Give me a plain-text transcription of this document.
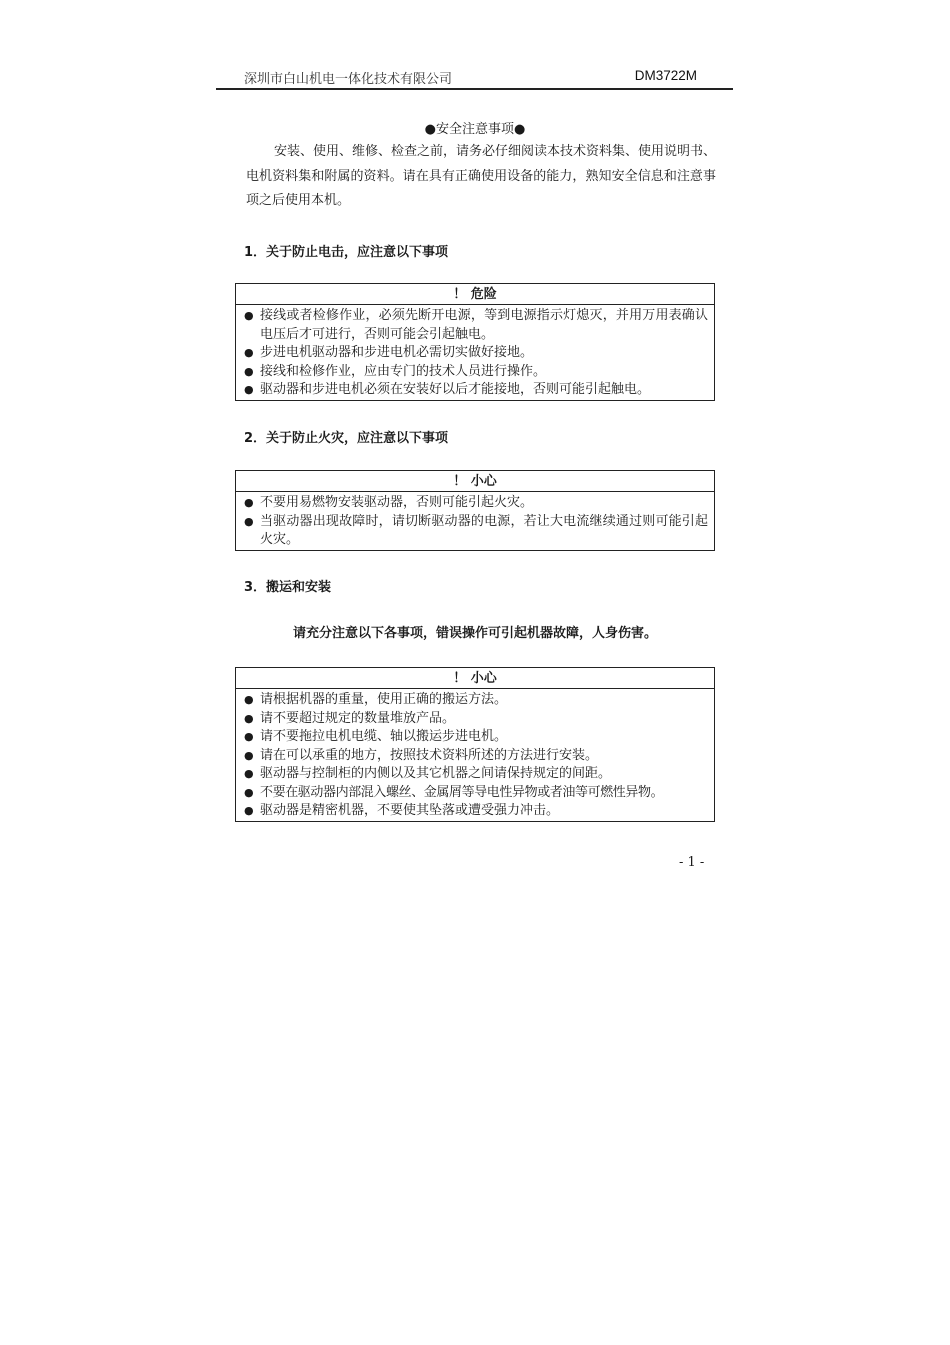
深圳市白山机电一体化技术有限公司	DM3722M
●安全注意事项●
安装、使用、维修、检查之前，请务必仔细阅读本技术资料集、使用说明书、电机资料集和附属的资料。请在具有正确使用设备的能力，熟知安全信息和注意事项之后使用本机。
1．关于防止电击，应注意以下事项
！ 危险
● 接线或者检修作业，必须先断开电源，等到电源指示灯熄灭，并用万用表确认电压后才可进行，否则可能会引起触电。
● 步进电机驱动器和步进电机必需切实做好接地。
● 接线和检修作业，应由专门的技术人员进行操作。
● 驱动器和步进电机必须在安装好以后才能接地，否则可能引起触电。
2．关于防止火灾，应注意以下事项
！ 小心
● 不要用易燃物安装驱动器，否则可能引起火灾。
● 当驱动器出现故障时，请切断驱动器的电源，若让大电流继续通过则可能引起火灾。
3．搬运和安装
请充分注意以下各事项，错误操作可引起机器故障，人身伤害。
！ 小心
● 请根据机器的重量，使用正确的搬运方法。
● 请不要超过规定的数量堆放产品。
● 请不要拖拉电机电缆、轴以搬运步进电机。
● 请在可以承重的地方，按照技术资料所述的方法进行安装。
● 驱动器与控制柜的内侧以及其它机器之间请保持规定的间距。
● 不要在驱动器内部混入螺丝、金属屑等导电性异物或者油等可燃性异物。
● 驱动器是精密机器，不要使其坠落或遭受强力冲击。
- 1 -
